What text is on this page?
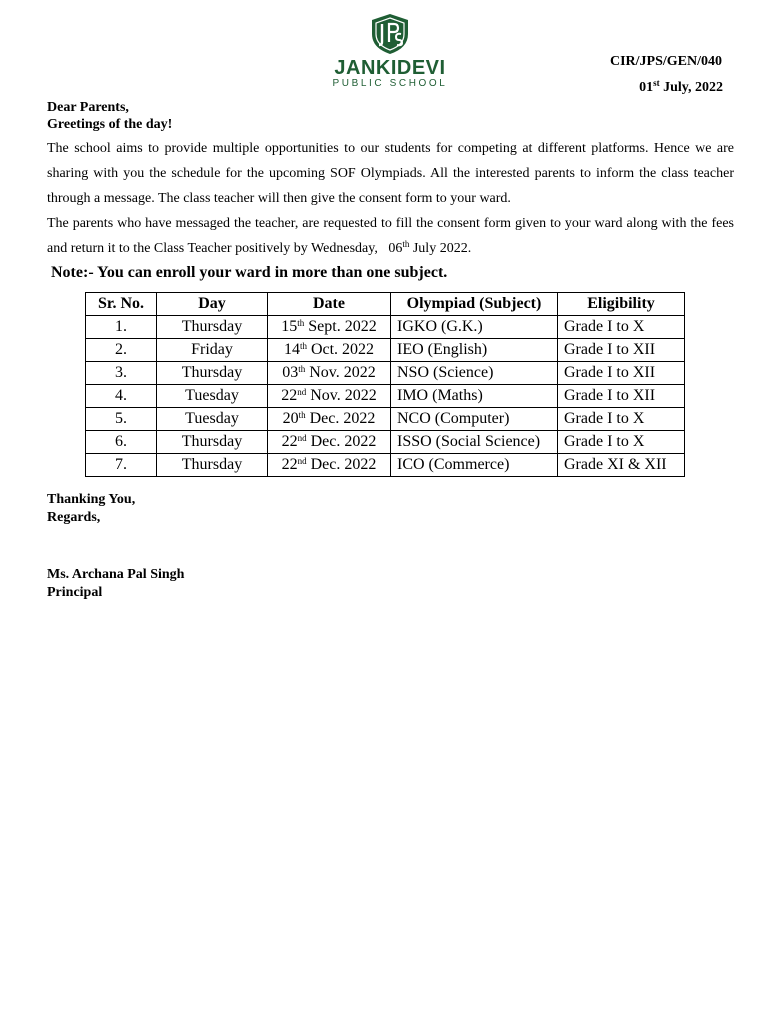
JANKIDEVI
PUBLIC SCHOOL
CIR/JPS/GEN/040
01st July, 2022
Dear Parents,
Greetings of the day!

The school aims to provide multiple opportunities to our students for competing at different platforms. Hence we are sharing with you the schedule for the upcoming SOF Olympiads. All the interested parents to inform the class teacher through a message. The class teacher will then give the consent form to your ward.

The parents who have messaged the teacher, are requested to fill the consent form given to your ward along with the fees and return it to the Class Teacher positively by Wednesday, 06th July 2022.

Note:- You can enroll your ward in more than one subject.
Sr. No.	Day	Date	Olympiad (Subject)	Eligibility
1.	Thursday	15th Sept. 2022	IGKO (G.K.)	Grade I to X
2.	Friday	14th Oct. 2022	IEO (English)	Grade I to XII
3.	Thursday	03th Nov. 2022	NSO (Science)	Grade I to XII
4.	Tuesday	22nd Nov. 2022	IMO (Maths)	Grade I to XII
5.	Tuesday	20th Dec. 2022	NCO (Computer)	Grade I to X
6.	Thursday	22nd Dec. 2022	ISSO (Social Science)	Grade I to X
7.	Thursday	22nd Dec. 2022	ICO (Commerce)	Grade XI & XII
Thanking You,
Regards,
Ms. Archana Pal Singh
Principal
